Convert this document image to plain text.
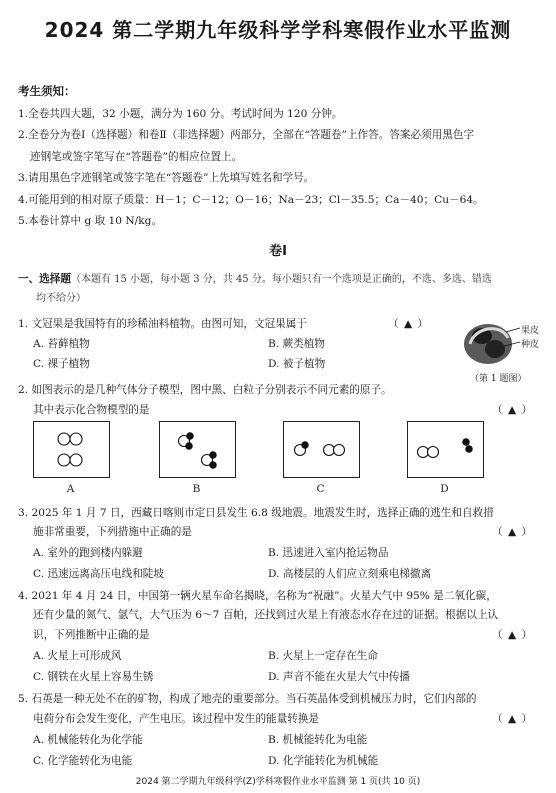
2024 第二学期九年级科学学科寒假作业水平监测
考生须知：
1.全卷共四大题，32 小题，满分为 160 分。考试时间为 120 分钟。
2.全卷分为卷Ⅰ（选择题）和卷Ⅱ（非选择题）两部分，全部在“答题卷”上作答。答案必须用黑色字
迹钢笔或签字笔写在“答题卷”的相应位置上。
3.请用黑色字迹钢笔或签字笔在“答题卷”上先填写姓名和学号。
4.可能用到的相对原子质量：H－1；C－12；O－16；Na－23；Cl－35.5；Ca－40；Cu－64。
5.本卷计算中 g 取 10 N/kg。
卷Ⅰ
一、选择题（本题有 15 小题，每小题 3 分，共 45 分。每小题只有一个选项是正确的，不选、多选、错选
均不给分）
1. 文冠果是我国特有的珍稀油料植物。由图可知，文冠果属于	（ ▲ ）
A. 苔藓植物	B. 蕨类植物
C. 裸子植物	D. 被子植物
果皮
种皮
（第 1 题图）
2. 如图表示的是几种气体分子模型，图中黑、白粒子分别表示不同元素的原子。
其中表示化合物模型的是	（ ▲ ）
A	B	C	D
3. 2025 年 1 月 7 日，西藏日喀则市定日县发生 6.8 级地震。地震发生时，选择正确的逃生和自救措
施非常重要，下列措施中正确的是	（ ▲ ）
A. 室外的跑到楼内躲避	B. 迅速进入室内抢运物品
C. 迅速远离高压电线和陡坡	D. 高楼层的人们应立刻乘电梯撤离
4. 2021 年 4 月 24 日，中国第一辆火星车命名揭晓，名称为“祝融”。火星大气中 95% 是二氧化碳，
还有少量的氮气、氩气，大气压为 6～7 百帕，还找到过火星上有液态水存在过的证据。根据以上认
识，下列推断中正确的是	（ ▲ ）
A. 火星上可形成风	B. 火星上一定存在生命
C. 钢铁在火星上容易生锈	D. 声音不能在火星大气中传播
5. 石英是一种无处不在的矿物，构成了地壳的重要部分。当石英晶体受到机械压力时，它们内部的
电荷分布会发生变化，产生电压。该过程中发生的能量转换是	（ ▲ ）
A. 机械能转化为化学能	B. 机械能转化为电能
C. 化学能转化为电能	D. 化学能转化为机械能
2024 第二学期九年级科学(Z)学科寒假作业水平监测 第 1 页(共 10 页)
